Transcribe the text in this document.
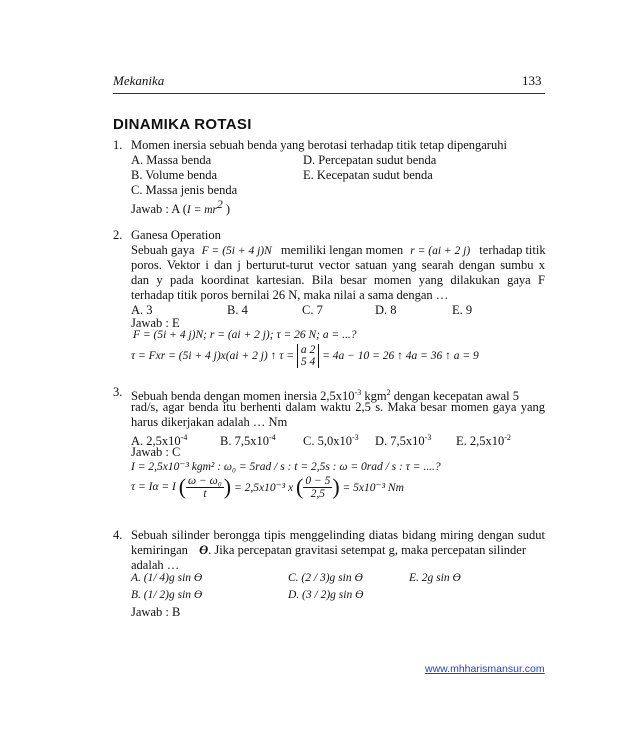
Mekanika	133
DINAMIKA ROTASI
1. Momen inersia sebuah benda yang berotasi terhadap titik tetap dipengaruhi
A. Massa benda	D. Percepatan sudut benda
B. Volume benda	E. Kecepatan sudut benda
C. Massa jenis benda
Jawab : A ($I = mr^2$ )
2. Ganesa Operation
Sebuah gaya F = (5i + 4 j)N memiliki lengan momen r = (ai + 2 j) terhadap titik
poros. Vektor i dan j berturut-turut vector satuan yang searah dengan sumbu x
dan y pada koordinat kartesian. Bila besar momen yang dilakukan gaya F
terhadap titik poros bernilai 26 N, maka nilai a sama dengan …
A. 3	B. 4	C. 7	D. 8	E. 9
Jawab : E
F = (5i + 4 j)N; r = (ai + 2 j); τ = 26 N; a = ...?
τ = Fxr = (5i + 4 j)x(ai + 2 j) ↑ τ = a 2
5 4 = 4a − 10 = 26 ↑ 4a = 36 ↑ a = 9
3. Sebuah benda dengan momen inersia $2,5x10^{-3}$ kgm$^2$ dengan kecepatan awal 5
rad/s, agar benda itu berhenti dalam waktu 2,5 s. Maka besar momen gaya yang
harus dikerjakan adalah … Nm
A. $2,5x10^{-4}$	B. $7,5x10^{-4}$ C. $5,0x10^{-3}$ D. $7,5x10^{-3}$ E. $2,5x10^{-2}$
Jawab : C
I = 2,5x10⁻³ kgm² : ω₀ = 5rad / s : t = 2,5s : ω = 0rad / s : τ = ....?
τ = Iα = I ( $\frac{\text{ω − ω₀}}{t}$ ) = 2,5x10⁻³ x ( $\frac{0 - 5}{2,5}$ ) = 5x10⁻³ Nm
4. Sebuah silinder berongga tipis menggelinding diatas bidang miring dengan sudut
kemiringan ϴ. Jika percepatan gravitasi setempat g, maka percepatan silinder
adalah …
A. (1/ 4)g sin ϴ	C. (2 / 3)g sin ϴ	E. 2g sin ϴ
B. (1/ 2)g sin ϴ	D. (3 / 2)g sin ϴ
Jawab : B
www.mhharismansur.com
